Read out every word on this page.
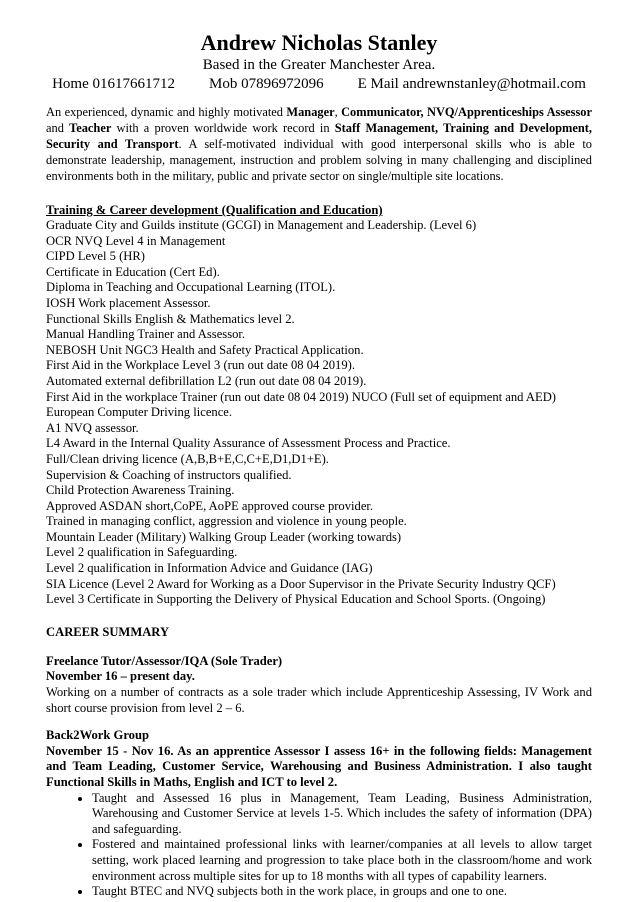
Andrew Nicholas Stanley

Based in the Greater Manchester Area.

Home 01617661712 Mob 07896972096 E Mail andrewnstanley@hotmail.com

An experienced, dynamic and highly motivated Manager, Communicator, NVQ/Apprenticeships Assessor and Teacher with a proven worldwide work record in Staff Management, Training and Development, Security and Transport. A self-motivated individual with good interpersonal skills who is able to demonstrate leadership, management, instruction and problem solving in many challenging and disciplined environments both in the military, public and private sector on single/multiple site locations.

Training & Career development (Qualification and Education)
Graduate City and Guilds institute (GCGI) in Management and Leadership. (Level 6)
OCR NVQ Level 4 in Management
CIPD Level 5 (HR)
Certificate in Education (Cert Ed).
Diploma in Teaching and Occupational Learning (ITOL).
IOSH Work placement Assessor.
Functional Skills English & Mathematics level 2.
Manual Handling Trainer and Assessor.
NEBOSH Unit NGC3 Health and Safety Practical Application.
First Aid in the Workplace Level 3 (run out date 08 04 2019).
Automated external defibrillation L2 (run out date 08 04 2019).
First Aid in the workplace Trainer (run out date 08 04 2019) NUCO (Full set of equipment and AED)
European Computer Driving licence.
A1 NVQ assessor.
L4 Award in the Internal Quality Assurance of Assessment Process and Practice.
Full/Clean driving licence (A,B,B+E,C,C+E,D1,D1+E).
Supervision & Coaching of instructors qualified.
Child Protection Awareness Training.
Approved ASDAN short,CoPE, AoPE approved course provider.
Trained in managing conflict, aggression and violence in young people.
Mountain Leader (Military) Walking Group Leader (working towards)
Level 2 qualification in Safeguarding.
Level 2 qualification in Information Advice and Guidance (IAG)
SIA Licence (Level 2 Award for Working as a Door Supervisor in the Private Security Industry QCF)
Level 3 Certificate in Supporting the Delivery of Physical Education and School Sports. (Ongoing)
CAREER SUMMARY
Freelance Tutor/Assessor/IQA (Sole Trader)
November 16 – present day.

Working on a number of contracts as a sole trader which include Apprenticeship Assessing, IV Work and short course provision from level 2 – 6.

Back2Work Group

November 15 - Nov 16. As an apprentice Assessor I assess 16+ in the following fields: Management and Team Leading, Customer Service, Warehousing and Business Administration. I also taught Functional Skills in Maths, English and ICT to level 2.

• Taught and Assessed 16 plus in Management, Team Leading, Business Administration, Warehousing and Customer Service at levels 1-5. Which includes the safety of information (DPA) and safeguarding.
• Fostered and maintained professional links with learner/companies at all levels to allow target setting, work placed learning and progression to take place both in the classroom/home and work environment across multiple sites for up to 18 months with all types of capability learners.
• Taught BTEC and NVQ subjects both in the work place, in groups and one to one.
